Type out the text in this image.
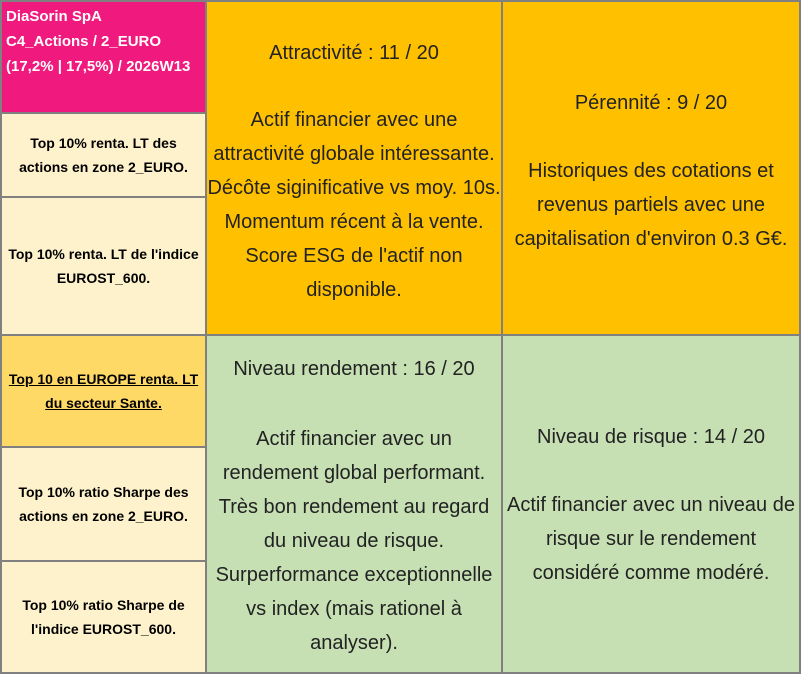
DiaSorin SpA
C4_Actions / 2_EURO
(17,2% | 17,5%) / 2026W13
Top 10% renta. LT des actions en zone 2_EURO.
Top 10% renta. LT de l'indice EUROST_600.
Top 10 en EUROPE renta. LT du secteur Sante.
Top 10% ratio Sharpe des actions en zone 2_EURO.
Top 10% ratio Sharpe de l'indice EUROST_600.
Attractivité : 11 / 20
Actif financier avec une
attractivité globale intéressante.
Décôte siginificative vs moy. 10s.
Momentum récent à la vente.
Score ESG de l'actif non
disponible.
Pérennité : 9 / 20
Historiques des cotations et
revenus partiels avec une
capitalisation d'environ 0.3 G€.
Niveau rendement : 16 / 20
Actif financier avec un
rendement global performant.
Très bon rendement au regard
du niveau de risque.
Surperformance exceptionnelle
vs index (mais rationel à
analyser).
Niveau de risque : 14 / 20
Actif financier avec un niveau de
risque sur le rendement
considéré comme modéré.
